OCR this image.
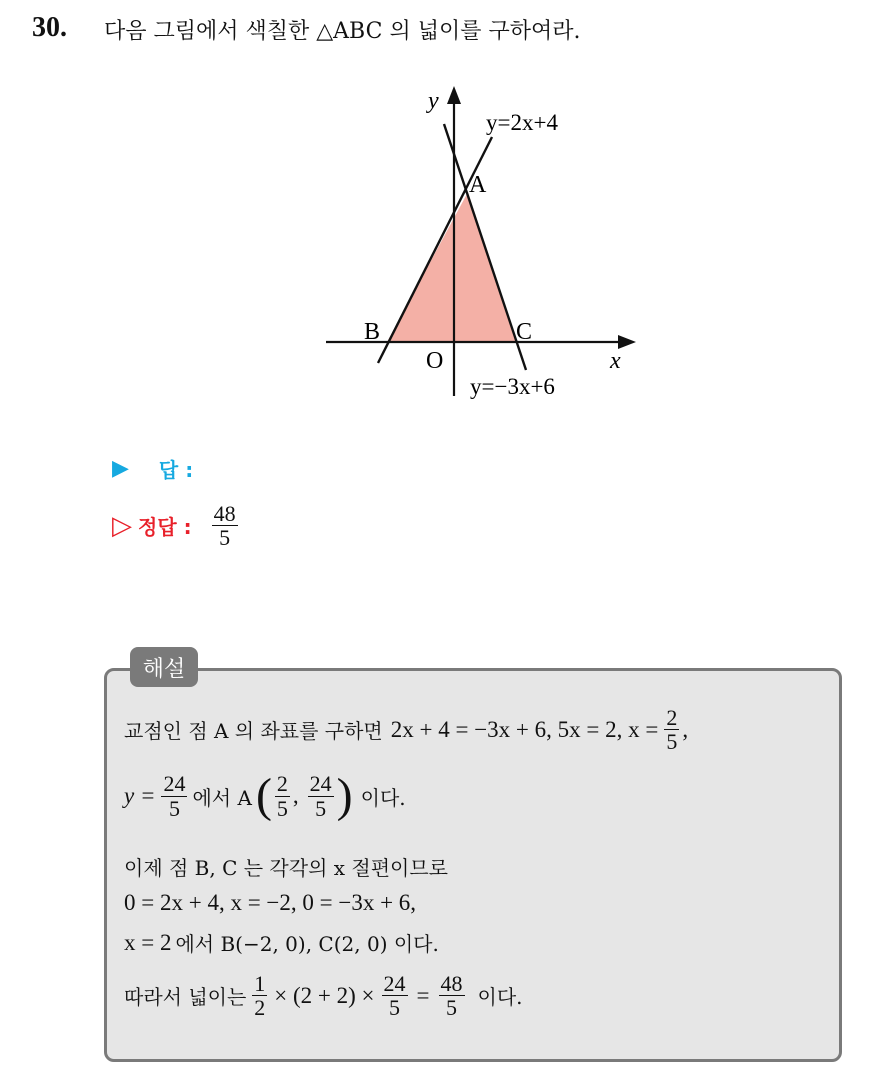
30. 다음 그림에서 색칠한 △ABC 의 넓이를 구하여라.
y
y=2x+4
A
B	C
O	x
y=−3x+6
▶ 답 :
▷ 정답 : $\frac{48}{5}$
해설
교점인 점 A 의 좌표를 구하면 2x + 4 = −3x + 6, 5x = 2, $x = \frac{2}{5}$ ,
$y = \frac{24}{5}$ 에서 A ( $\frac{2}{5}$ , $\frac{24}{5}$ ) 이다.
이제 점 B, C 는 각각의 x 절편이므로
0 = 2x + 4, x = −2, 0 = −3x + 6,
x = 2 에서 B(−2, 0), C(2, 0) 이다.
따라서 넓이는 $\frac{1}{2} \times (2 + 2) \times \frac{24}{5} = \frac{48}{5}$ 이다.
